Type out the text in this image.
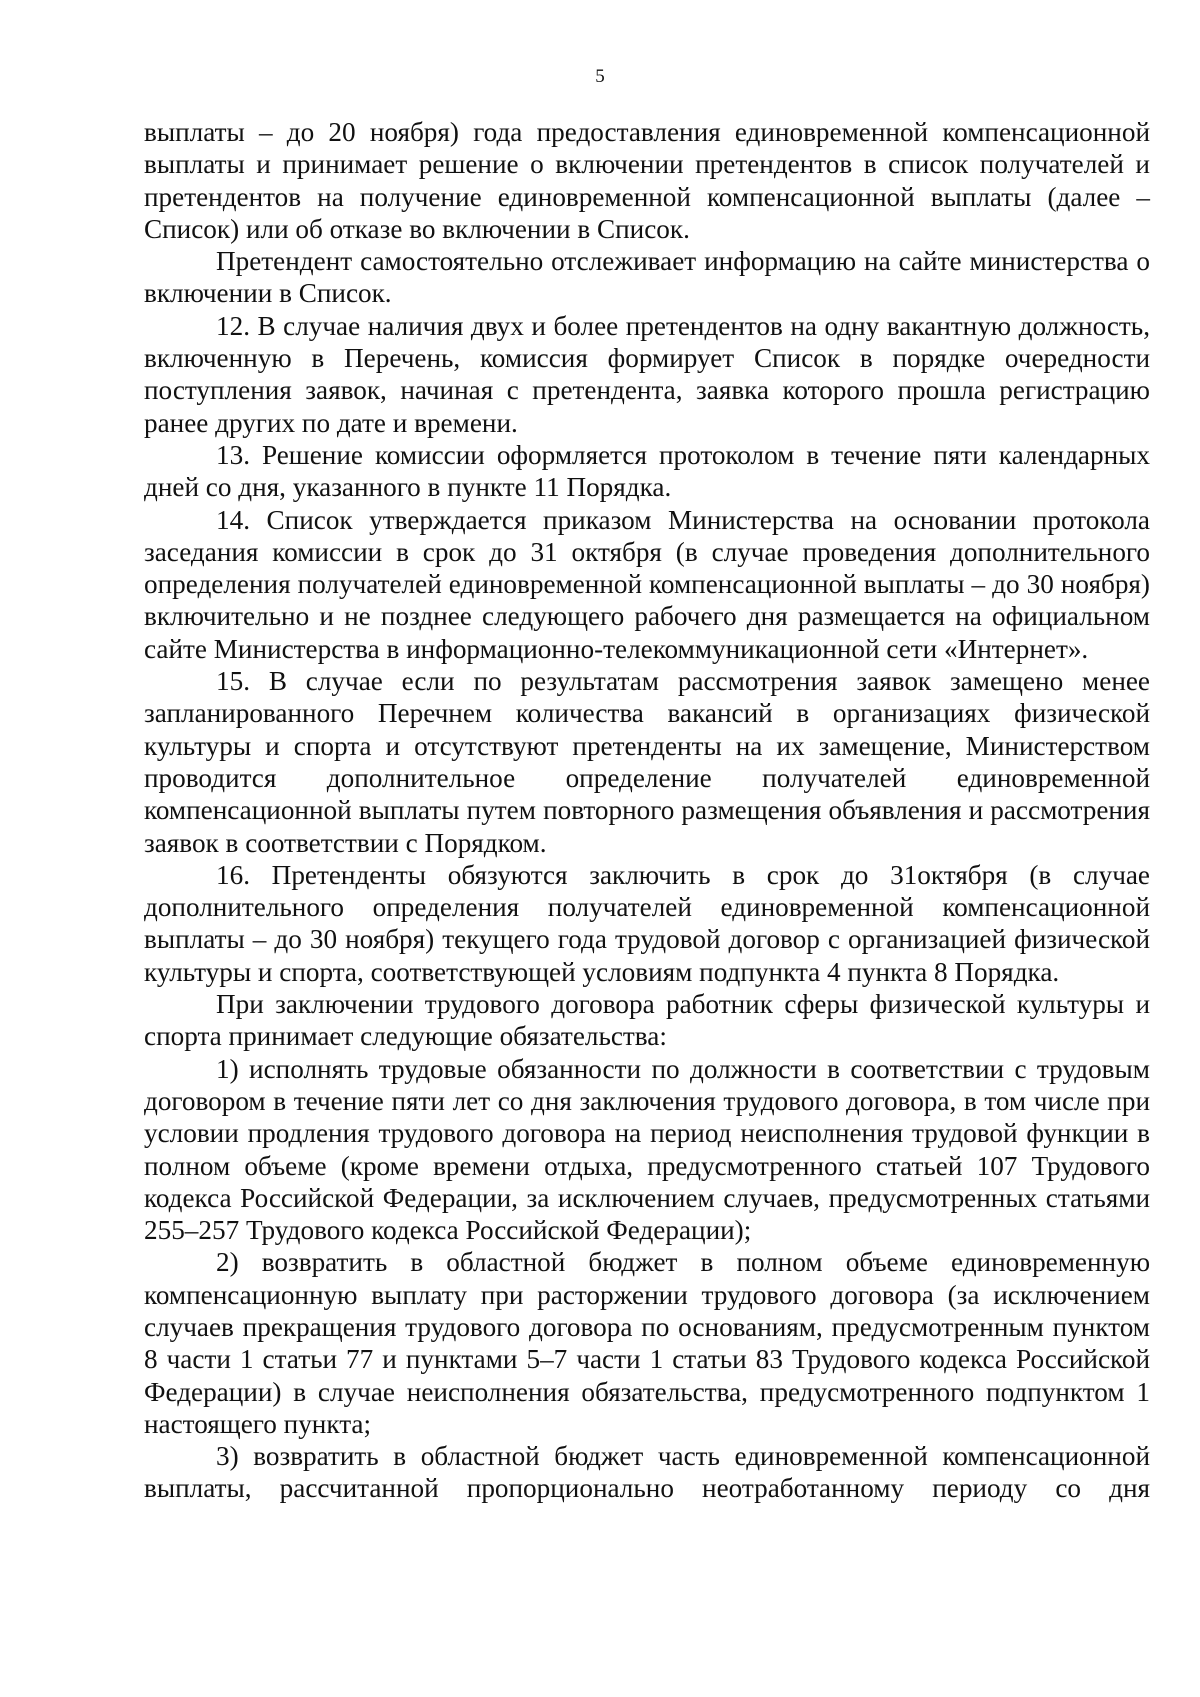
5

выплаты – до 20 ноября) года предоставления единовременной компенсационной выплаты и принимает решение о включении претендентов в список получателей и претендентов на получение единовременной компенсационной выплаты (далее – Список) или об отказе во включении в Список.

Претендент самостоятельно отслеживает информацию на сайте министерства о включении в Список.

12. В случае наличия двух и более претендентов на одну вакантную должность, включенную в Перечень, комиссия формирует Список в порядке очередности поступления заявок, начиная с претендента, заявка которого прошла регистрацию ранее других по дате и времени.

13. Решение комиссии оформляется протоколом в течение пяти календарных дней со дня, указанного в пункте 11 Порядка.

14. Список утверждается приказом Министерства на основании протокола заседания комиссии в срок до 31 октября (в случае проведения дополнительного определения получателей единовременной компенсационной выплаты – до 30 ноября) включительно и не позднее следующего рабочего дня размещается на официальном сайте Министерства в информационно-телекоммуникационной сети «Интернет».

15. В случае если по результатам рассмотрения заявок замещено менее запланированного Перечнем количества вакансий в организациях физической культуры и спорта и отсутствуют претенденты на их замещение, Министерством проводится дополнительное определение получателей единовременной компенсационной выплаты путем повторного размещения объявления и рассмотрения заявок в соответствии с Порядком.

16. Претенденты обязуются заключить в срок до 31октября (в случае дополнительного определения получателей единовременной компенсационной выплаты – до 30 ноября) текущего года трудовой договор с организацией физической культуры и спорта, соответствующей условиям подпункта 4 пункта 8 Порядка.

При заключении трудового договора работник сферы физической культуры и спорта принимает следующие обязательства:

1) исполнять трудовые обязанности по должности в соответствии с трудовым договором в течение пяти лет со дня заключения трудового договора, в том числе при условии продления трудового договора на период неисполнения трудовой функции в полном объеме (кроме времени отдыха, предусмотренного статьей 107 Трудового кодекса Российской Федерации, за исключением случаев, предусмотренных статьями 255–257 Трудового кодекса Российской Федерации);

2) возвратить в областной бюджет в полном объеме единовременную компенсационную выплату при расторжении трудового договора (за исключением случаев прекращения трудового договора по основаниям, предусмотренным пунктом 8 части 1 статьи 77 и пунктами 5–7 части 1 статьи 83 Трудового кодекса Российской Федерации) в случае неисполнения обязательства, предусмотренного подпунктом 1 настоящего пункта;

3) возвратить в областной бюджет часть единовременной компенсационной выплаты, рассчитанной пропорционально неотработанному периоду со дня
